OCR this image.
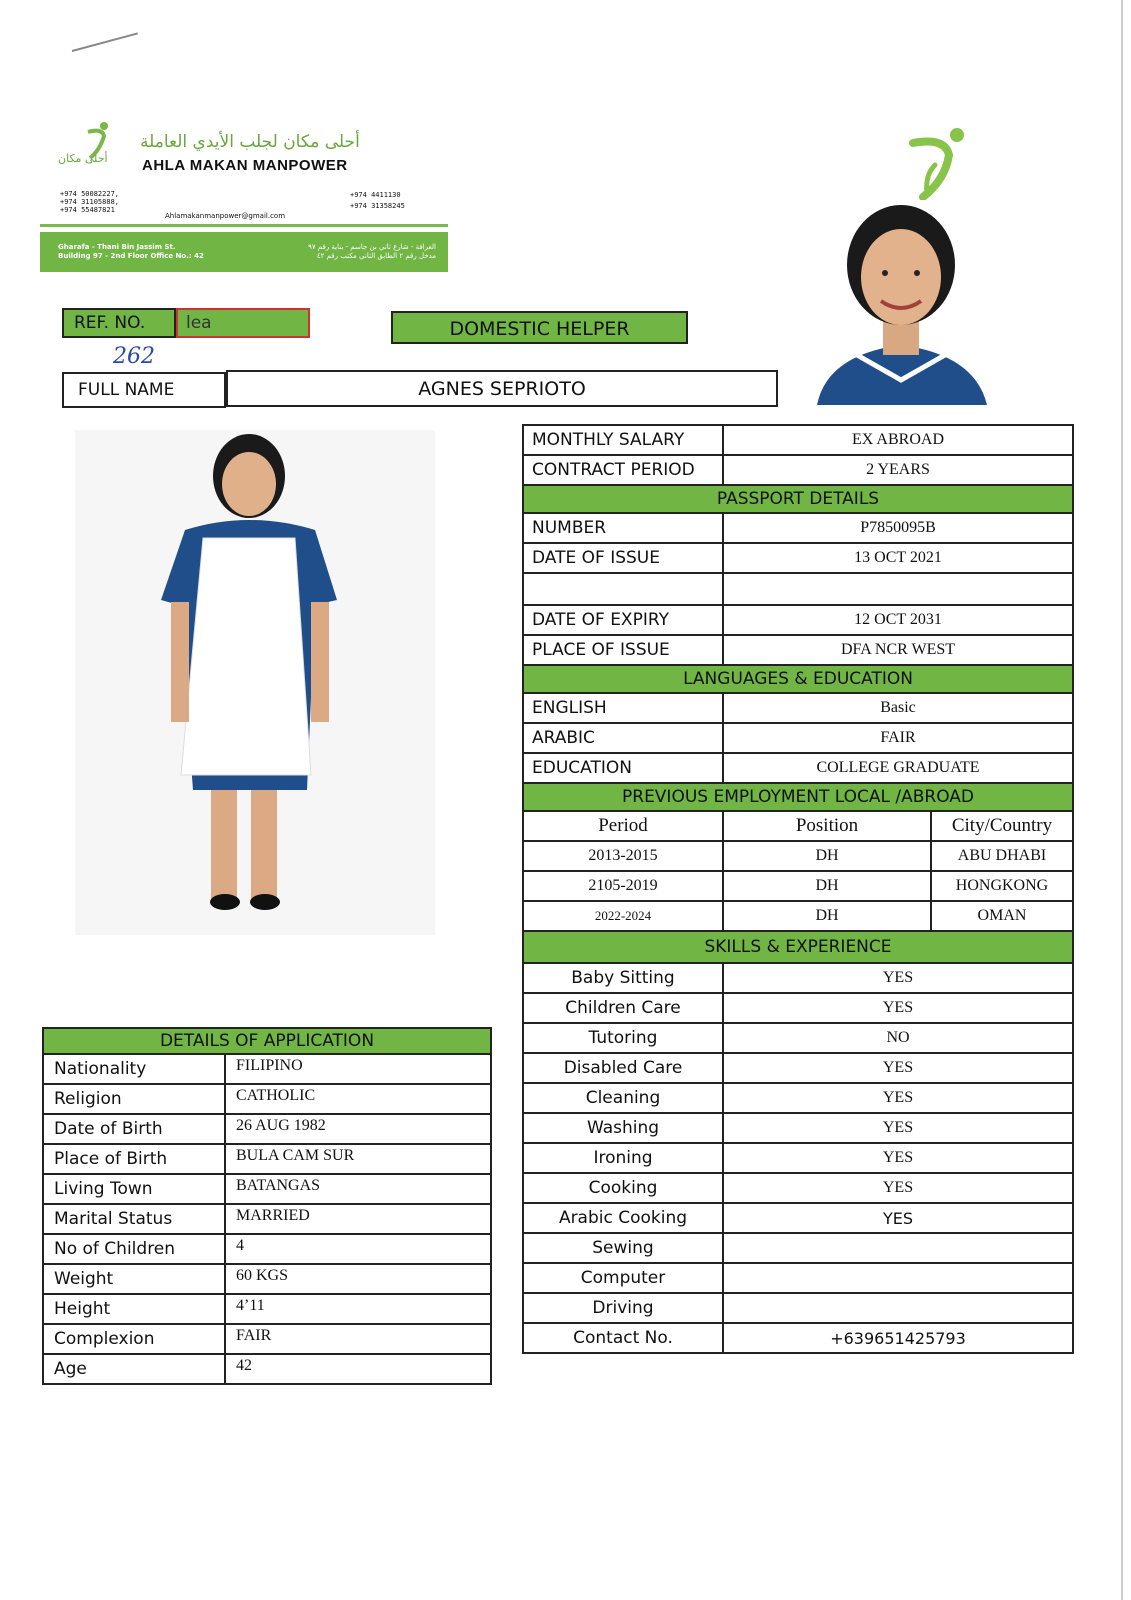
أحلى مكان
أحلى مكان لجلب الأيدي العاملة
AHLA MAKAN MANPOWER
+974 50082227,
+974 31105888,
+974 55487821
+974 4411130
+974 31358245
Ahlamakanmanpower@gmail.com
Gharafa - Thani Bin Jassim St.
Building 97 - 2nd Floor Office No.: 42
الغرافة - شارع ثاني بن جاسم - بناية رقم ٩٧
مدخل رقم ٢ الطابق الثاني مكتب رقم ٤٢
REF. NO.	lea
262
DOMESTIC HELPER
FULL NAME	AGNES SEPRIOTO
DETAILS OF APPLICATION	
Nationality	FILIPINO
Religion	CATHOLIC
Date of Birth	26 AUG 1982
Place of Birth	BULA CAM SUR
Living Town	BATANGAS
Marital Status	MARRIED
No of Children	4
Weight	60 KGS
Height	4’11
Complexion	FAIR
Age	42
MONTHLY SALARY	EX ABROAD	
CONTRACT PERIOD	2 YEARS	
PASSPORT DETAILS		
NUMBER	P7850095B	
DATE OF ISSUE	13 OCT 2021	

DATE OF EXPIRY	12 OCT 2031	
PLACE OF ISSUE	DFA NCR WEST	
LANGUAGES & EDUCATION		
ENGLISH	Basic	
ARABIC	FAIR	
EDUCATION	COLLEGE GRADUATE	
PREVIOUS EMPLOYMENT LOCAL /ABROAD		
Period	Position	City/Country
2013-2015	DH	ABU DHABI
2105-2019	DH	HONGKONG
2022-2024	DH	OMAN
SKILLS & EXPERIENCE		
Baby Sitting	YES	
Children Care	YES	
Tutoring	NO	
Disabled Care	YES	
Cleaning	YES	
Washing	YES	
Ironing	YES	
Cooking	YES	
Arabic Cooking	YES	
Sewing		
Computer		
Driving		
Contact No.	+639651425793	
